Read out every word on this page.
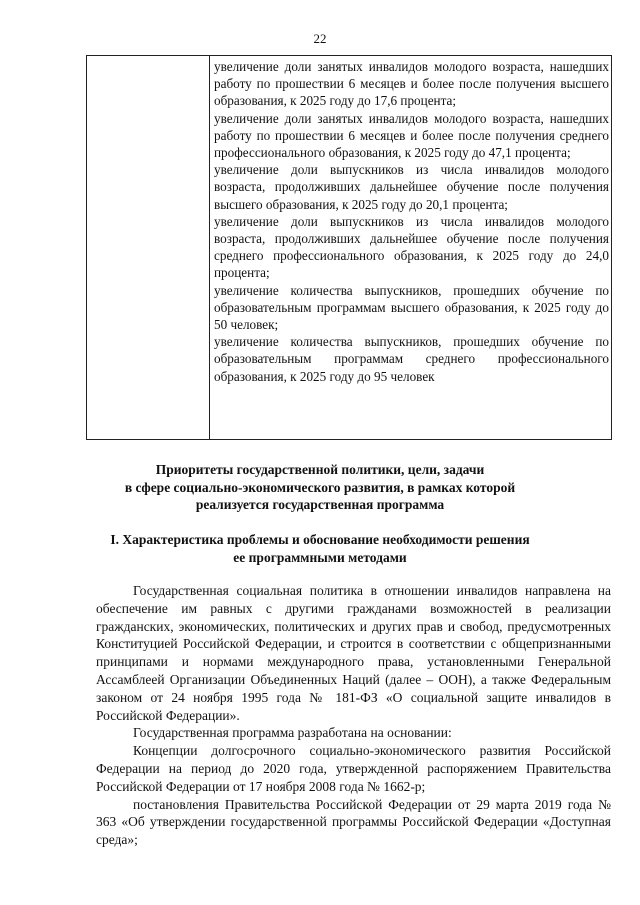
22

увеличение доли занятых инвалидов молодого возраста, нашедших работу по прошествии 6 месяцев и более после получения высшего образования, к 2025 году до 17,6 процента;

увеличение доли занятых инвалидов молодого возраста, нашедших работу по прошествии 6 месяцев и более после получения среднего профессионального образования, к 2025 году до 47,1 процента;

увеличение доли выпускников из числа инвалидов молодого возраста, продолживших дальнейшее обучение после получения высшего образования, к 2025 году до 20,1 процента;

увеличение доли выпускников из числа инвалидов молодого возраста, продолживших дальнейшее обучение после получения среднего профессионального образования, к 2025 году до 24,0 процента;

увеличение количества выпускников, прошедших обучение по образовательным программам высшего образования, к 2025 году до 50 человек;

увеличение количества выпускников, прошедших обучение по образовательным программам среднего профессионального образования, к 2025 году до 95 человек

Приоритеты государственной политики, цели, задачи
в сфере социально-экономического развития, в рамках которой
реализуется государственная программа
I. Характеристика проблемы и обоснование необходимости решения
ее программными методами

Государственная социальная политика в отношении инвалидов направлена на обеспечение им равных с другими гражданами возможностей в реализации гражданских, экономических, политических и других прав и свобод, предусмотренных Конституцией Российской Федерации, и строится в соответствии с общепризнанными принципами и нормами международного права, установленными Генеральной Ассамблеей Организации Объединенных Наций (далее – ООН), а также Федеральным законом от 24 ноября 1995 года № 181-ФЗ «О социальной защите инвалидов в Российской Федерации».

Государственная программа разработана на основании:

Концепции долгосрочного социально-экономического развития Российской Федерации на период до 2020 года, утвержденной распоряжением Правительства Российской Федерации от 17 ноября 2008 года № 1662-р;

постановления Правительства Российской Федерации от 29 марта 2019 года № 363 «Об утверждении государственной программы Российской Федерации «Доступная среда»;
